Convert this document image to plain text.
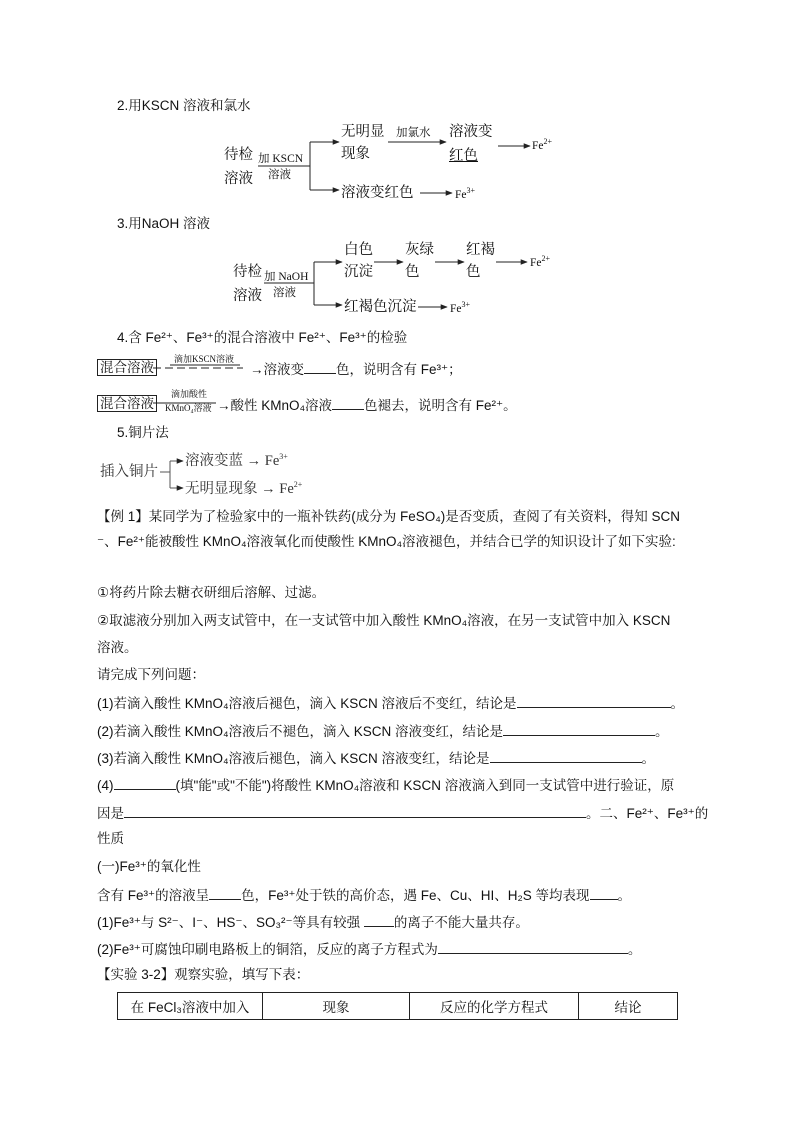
2.用KSCN 溶液和氯水
待检
溶液
加 KSCN
溶液
无明显
现象
加氯水 溶液变
红色
$Fe^{2+}$
溶液变红色	$Fe^{3+}$
3.用NaOH 溶液
待检
溶液
加 NaOH
溶液
白色
沉淀
灰绿
色
红褐
色
$Fe^{2+}$
红褐色沉淀	$Fe^{3+}$
4.含 Fe²⁺、Fe³⁺的混合溶液中 Fe²⁺、Fe³⁺的检验
混合溶液
滴加KSCN溶液
→溶液变 色，说明含有 Fe³⁺；
混合溶液
滴加酸性
KMnO₄溶液 →酸性 KMnO₄溶液 色褪去，说明含有 Fe²⁺。
5.铜片法
插入铜片
溶液变蓝 → $Fe^{3+}$
无明显现象 → $Fe^{2+}$
【例 1】某同学为了检验家中的一瓶补铁药(成分为 FeSO₄)是否变质，查阅了有关资料，得知 SCN
⁻、Fe²⁺能被酸性 KMnO₄溶液氧化而使酸性 KMnO₄溶液褪色，并结合已学的知识设计了如下实验:
①将药片除去糖衣研细后溶解、过滤。
②取滤液分别加入两支试管中，在一支试管中加入酸性 KMnO₄溶液，在另一支试管中加入 KSCN
溶液。
请完成下列问题：
(1)若滴入酸性 KMnO₄溶液后褪色，滴入 KSCN 溶液后不变红，结论是	。
(2)若滴入酸性 KMnO₄溶液后不褪色，滴入 KSCN 溶液变红，结论是	。
(3)若滴入酸性 KMnO₄溶液后褪色，滴入 KSCN 溶液变红，结论是	。
(4)	(填"能"或"不能")将酸性 KMnO₄溶液和 KSCN 溶液滴入到同一支试管中进行验证，原
因是	。二、Fe²⁺、Fe³⁺的
性质
(一)Fe³⁺的氧化性
含有 Fe³⁺的溶液呈 色，Fe³⁺处于铁的高价态，遇 Fe、Cu、HI、H₂S 等均表现 。
(1)Fe³⁺与 S²⁻、I⁻、HS⁻、SO₃²⁻等具有较强	的离子不能大量共存。
(2)Fe³⁺可腐蚀印刷电路板上的铜箔，反应的离子方程式为	。
【实验 3-2】观察实验，填写下表：
在 FeCl₃溶液中加入	现象	反应的化学方程式	结论
